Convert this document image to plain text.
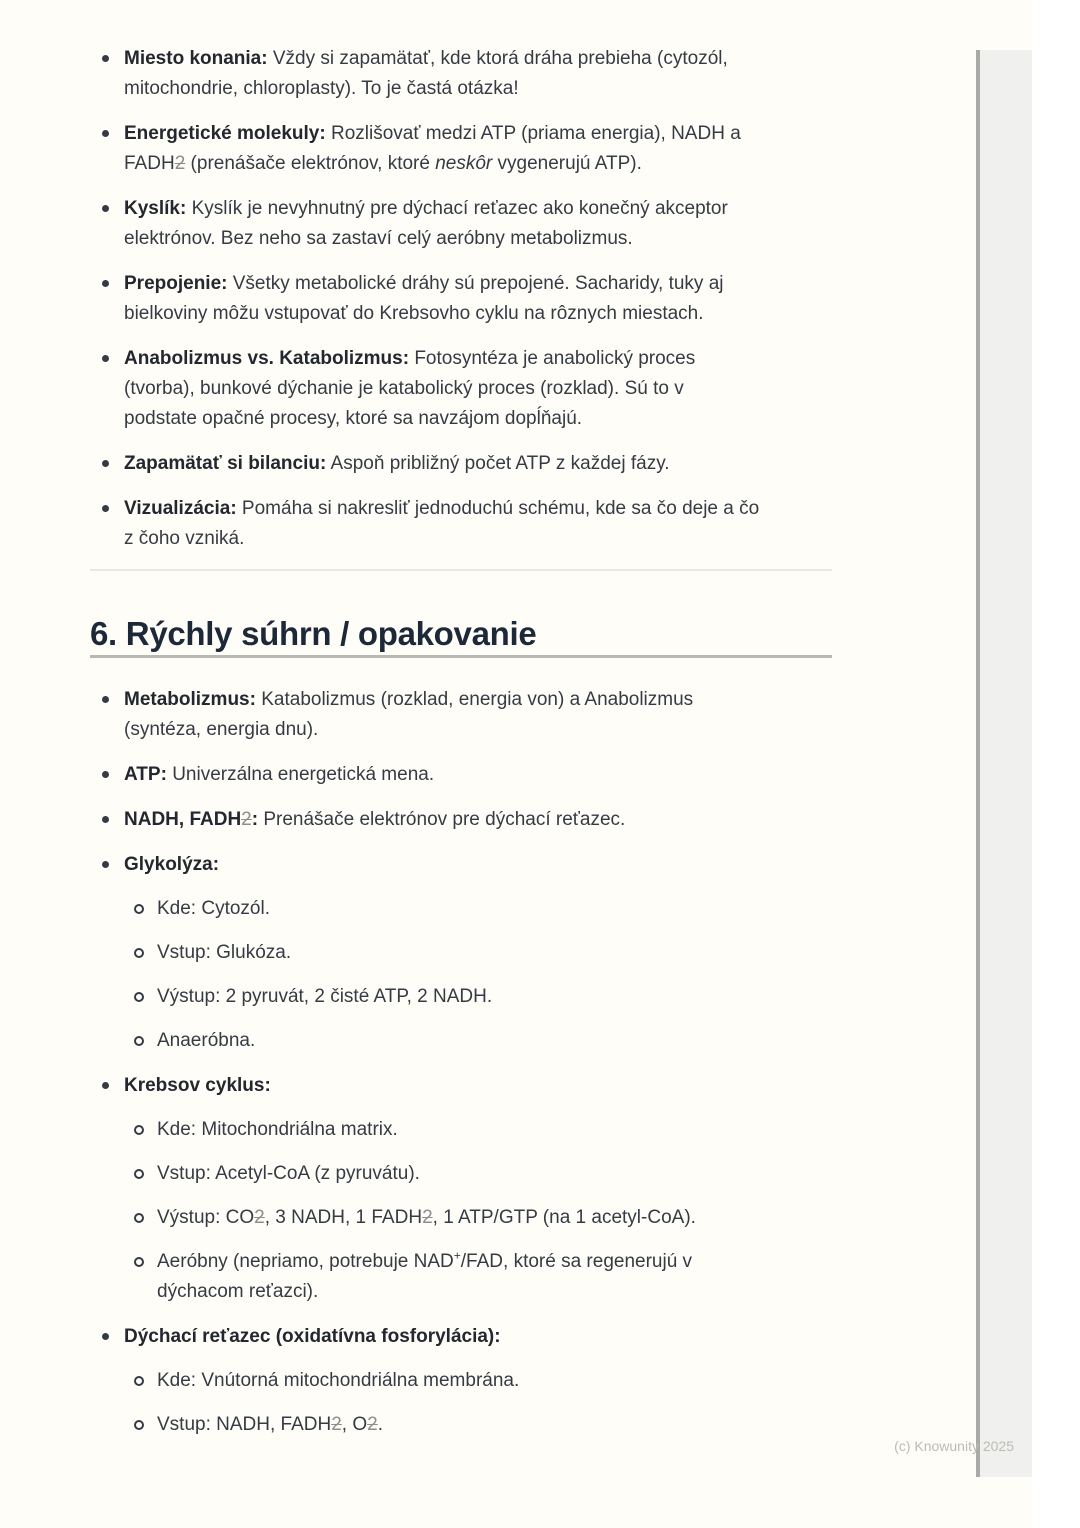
Miesto konania: Vždy si zapamätať, kde ktorá dráha prebieha (cytozól,
mitochondrie, chloroplasty). To je častá otázka!
Energetické molekuly: Rozlišovať medzi ATP (priama energia), NADH a
FADH2 (prenášače elektrónov, ktoré neskôr vygenerujú ATP).
Kyslík: Kyslík je nevyhnutný pre dýchací reťazec ako konečný akceptor
elektrónov. Bez neho sa zastaví celý aeróbny metabolizmus.
Prepojenie: Všetky metabolické dráhy sú prepojené. Sacharidy, tuky aj
bielkoviny môžu vstupovať do Krebsovho cyklu na rôznych miestach.
Anabolizmus vs. Katabolizmus: Fotosyntéza je anabolický proces
(tvorba), bunkové dýchanie je katabolický proces (rozklad). Sú to v
podstate opačné procesy, ktoré sa navzájom dopĺňajú.
Zapamätať si bilanciu: Aspoň približný počet ATP z každej fázy.
Vizualizácia: Pomáha si nakresliť jednoduchú schému, kde sa čo deje a čo
z čoho vzniká.
6. Rýchly súhrn / opakovanie
Metabolizmus: Katabolizmus (rozklad, energia von) a Anabolizmus
(syntéza, energia dnu).
ATP: Univerzálna energetická mena.
NADH, FADH2: Prenášače elektrónov pre dýchací reťazec.
Glykolýza:
Kde: Cytozól.
Vstup: Glukóza.
Výstup: 2 pyruvát, 2 čisté ATP, 2 NADH.
Anaeróbna.
Krebsov cyklus:
Kde: Mitochondriálna matrix.
Vstup: Acetyl-CoA (z pyruvátu).
Výstup: CO2, 3 NADH, 1 FADH2, 1 ATP/GTP (na 1 acetyl-CoA).
Aeróbny (nepriamo, potrebuje NAD+/FAD, ktoré sa regenerujú v
dýchacom reťazci).
Dýchací reťazec (oxidatívna fosforylácia):
Kde: Vnútorná mitochondriálna membrána.
Vstup: NADH, FADH2, O2.
(c) Knowunity 2025
